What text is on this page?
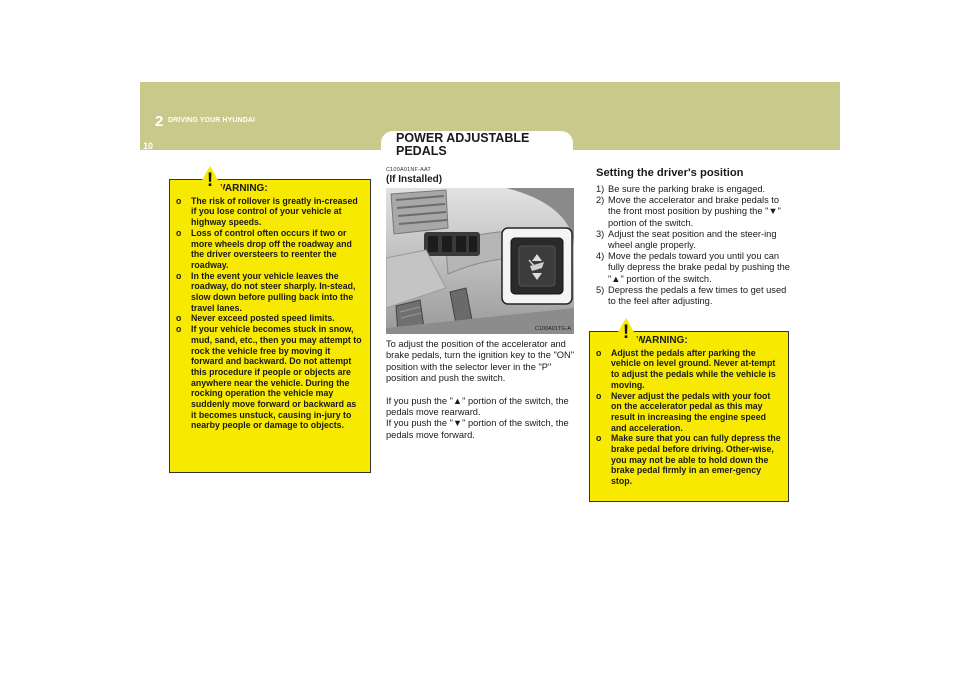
2 DRIVING YOUR HYUNDAI
10
POWER ADJUSTABLE PEDALS
! WARNING:
o The risk of rollover is greatly in-creased if you lose control of your vehicle at highway speeds.
o Loss of control often occurs if two or more wheels drop off the roadway and the driver oversteers to reenter the roadway.
o In the event your vehicle leaves the roadway, do not steer sharply. In-stead, slow down before pulling back into the travel lanes.
o Never exceed posted speed limits.
o If your vehicle becomes stuck in snow, mud, sand, etc., then you may attempt to rock the vehicle free by moving it forward and backward. Do not attempt this procedure if people or objects are anywhere near the vehicle. During the rocking operation the vehicle may suddenly move forward or backward as it becomes unstuck, causing in-jury to nearby people or damage to objects.
C100A01NF-AAT
(If Installed)
C100A01TG-A

To adjust the position of the accelerator and brake pedals, turn the ignition key to the "ON" position with the selector lever in the "P" position and push the switch.

If you push the "▲" portion of the switch, the pedals move rearward.
If you push the "▼" portion of the switch, the pedals move forward.
Setting the driver's position
1) Be sure the parking brake is engaged.
2) Move the accelerator and brake pedals to the front most position by pushing the "▼" portion of the switch.
3) Adjust the seat position and the steer-ing wheel angle properly.
4) Move the pedals toward you until you can fully depress the brake pedal by pushing the "▲" portion of the switch.
5) Depress the pedals a few times to get used to the feel after adjusting.
! WARNING:
o Adjust the pedals after parking the vehicle on level ground. Never at-tempt to adjust the pedals while the vehicle is moving.
o Never adjust the pedals with your foot on the accelerator pedal as this may result in increasing the engine speed and acceleration.
o Make sure that you can fully depress the brake pedal before driving. Other-wise, you may not be able to hold down the brake pedal firmly in an emer-gency stop.
